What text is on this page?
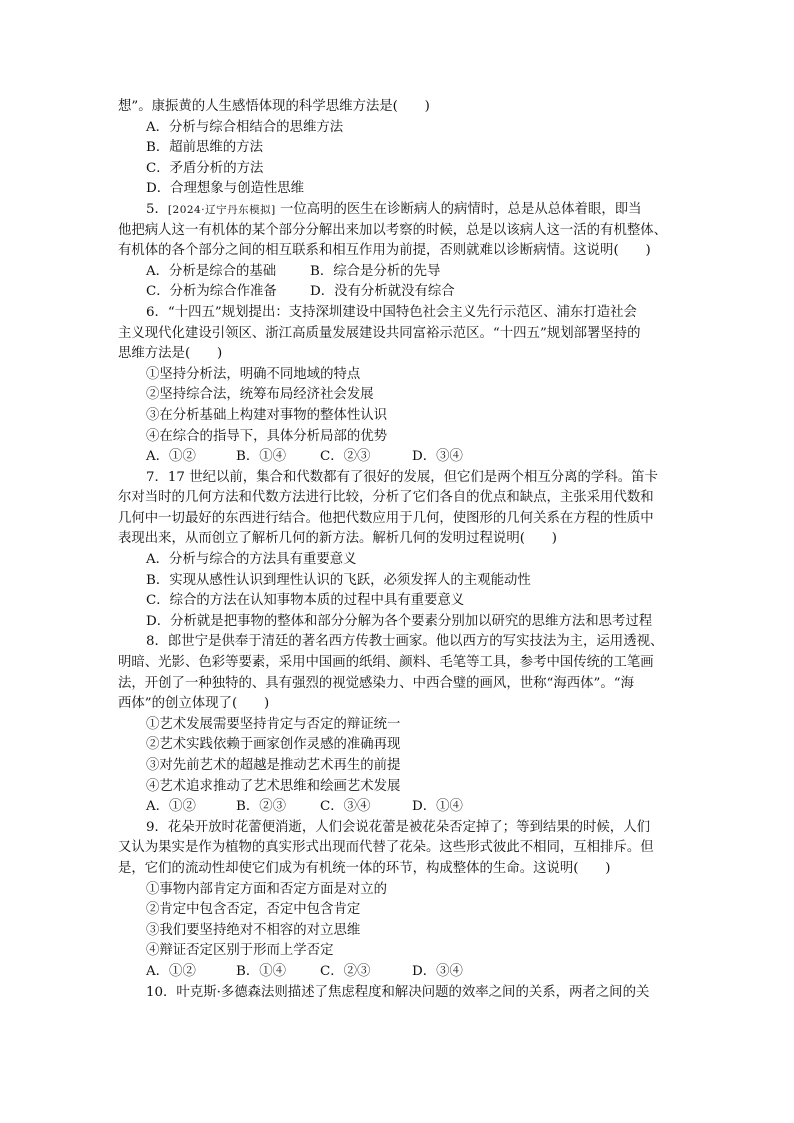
想”。康振黄的人生感悟体现的科学思维方法是(　　)
A．分析与综合相结合的思维方法
B．超前思维的方法
C．矛盾分析的方法
D．合理想象与创造性思维
5．[2024·辽宁丹东模拟] 一位高明的医生在诊断病人的病情时，总是从总体着眼，即当
他把病人这一有机体的某个部分分解出来加以考察的时候，总是以该病人这一活的有机整体、
有机体的各个部分之间的相互联系和相互作用为前提，否则就难以诊断病情。这说明(　　)
A．分析是综合的基础	B．综合是分析的先导
C．分析为综合作准备 D．没有分析就没有综合
6．“十四五”规划提出：支持深圳建设中国特色社会主义先行示范区、浦东打造社会
主义现代化建设引领区、浙江高质量发展建设共同富裕示范区。“十四五”规划部署坚持的
思维方法是(　　)
①坚持分析法，明确不同地域的特点
②坚持综合法，统筹布局经济社会发展
③在分析基础上构建对事物的整体性认识
④在综合的指导下，具体分析局部的优势
A．①②	B．①④	C．②③	D．③④
7．17 世纪以前，集合和代数都有了很好的发展，但它们是两个相互分离的学科。笛卡
尔对当时的几何方法和代数方法进行比较，分析了它们各自的优点和缺点，主张采用代数和
几何中一切最好的东西进行结合。他把代数应用于几何，使图形的几何关系在方程的性质中
表现出来，从而创立了解析几何的新方法。解析几何的发明过程说明(　　)
A．分析与综合的方法具有重要意义
B．实现从感性认识到理性认识的飞跃，必须发挥人的主观能动性
C．综合的方法在认知事物本质的过程中具有重要意义
D．分析就是把事物的整体和部分分解为各个要素分别加以研究的思维方法和思考过程
8．郎世宁是供奉于清廷的著名西方传教士画家。他以西方的写实技法为主，运用透视、
明暗、光影、色彩等要素，采用中国画的纸绢、颜料、毛笔等工具，参考中国传统的工笔画
法，开创了一种独特的、具有强烈的视觉感染力、中西合璧的画风，世称“海西体”。“海
西体”的创立体现了(　　)
①艺术发展需要坚持肯定与否定的辩证统一
②艺术实践依赖于画家创作灵感的准确再现
③对先前艺术的超越是推动艺术再生的前提
④艺术追求推动了艺术思维和绘画艺术发展
A．①②	B．②③	C．③④	D．①④
9．花朵开放时花蕾便消逝，人们会说花蕾是被花朵否定掉了；等到结果的时候，人们
又认为果实是作为植物的真实形式出现而代替了花朵。这些形式彼此不相同，互相排斥。但
是，它们的流动性却使它们成为有机统一体的环节，构成整体的生命。这说明(　　)
①事物内部肯定方面和否定方面是对立的
②肯定中包含否定，否定中包含肯定
③我们要坚持绝对不相容的对立思维
④辩证否定区别于形而上学否定
A．①②	B．①④	C．②③	D．③④
10．叶克斯·多德森法则描述了焦虑程度和解决问题的效率之间的关系，两者之间的关
